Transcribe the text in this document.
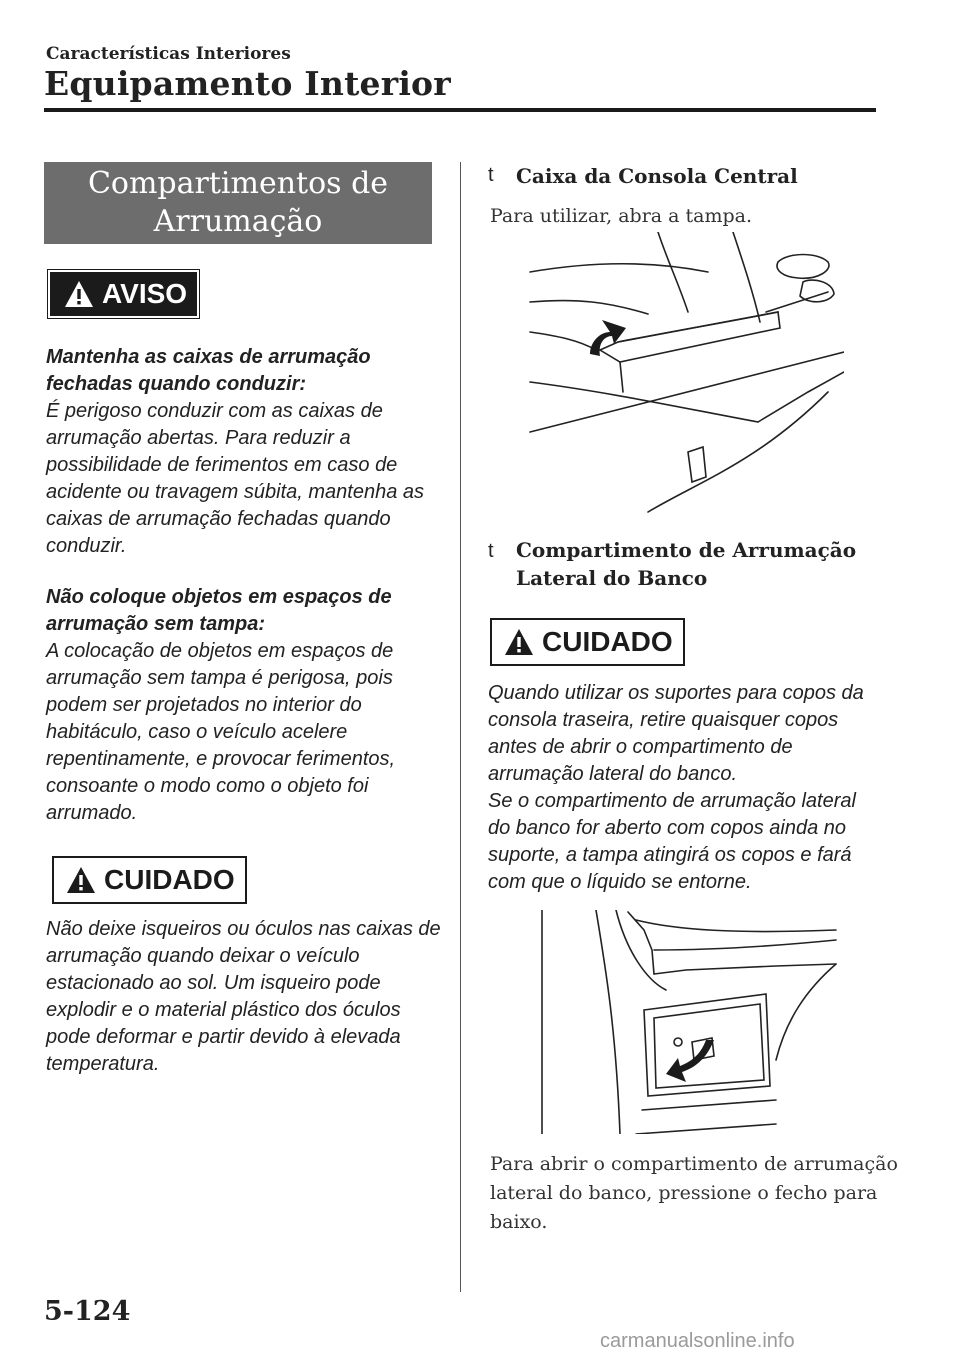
Características Interiores
Equipamento Interior
Compartimentos de
Arrumação
AVISO

Mantenha as caixas de arrumação

fechadas quando conduzir:

É perigoso conduzir com as caixas de

arrumação abertas. Para reduzir a

possibilidade de ferimentos em caso de

acidente ou travagem súbita, mantenha as

caixas de arrumação fechadas quando

conduzir.

Não coloque objetos em espaços de

arrumação sem tampa:

A colocação de objetos em espaços de

arrumação sem tampa é perigosa, pois

podem ser projetados no interior do

habitáculo, caso o veículo acelere

repentinamente, e provocar ferimentos,

consoante o modo como o objeto foi

arrumado.

CUIDADO

Não deixe isqueiros ou óculos nas caixas de

arrumação quando deixar o veículo

estacionado ao sol. Um isqueiro pode

explodir e o material plástico dos óculos

pode deformar e partir devido à elevada

temperatura.

t Caixa da Consola Central
Para utilizar, abra a tampa.
t Compartimento de Arrumação
Lateral do Banco
CUIDADO

Quando utilizar os suportes para copos da

consola traseira, retire quaisquer copos

antes de abrir o compartimento de

arrumação lateral do banco.

Se o compartimento de arrumação lateral

do banco for aberto com copos ainda no

suporte, a tampa atingirá os copos e fará

com que o líquido se entorne.

Para abrir o compartimento de arrumação
lateral do banco, pressione o fecho para
baixo.
5-124
carmanualsonline.info
